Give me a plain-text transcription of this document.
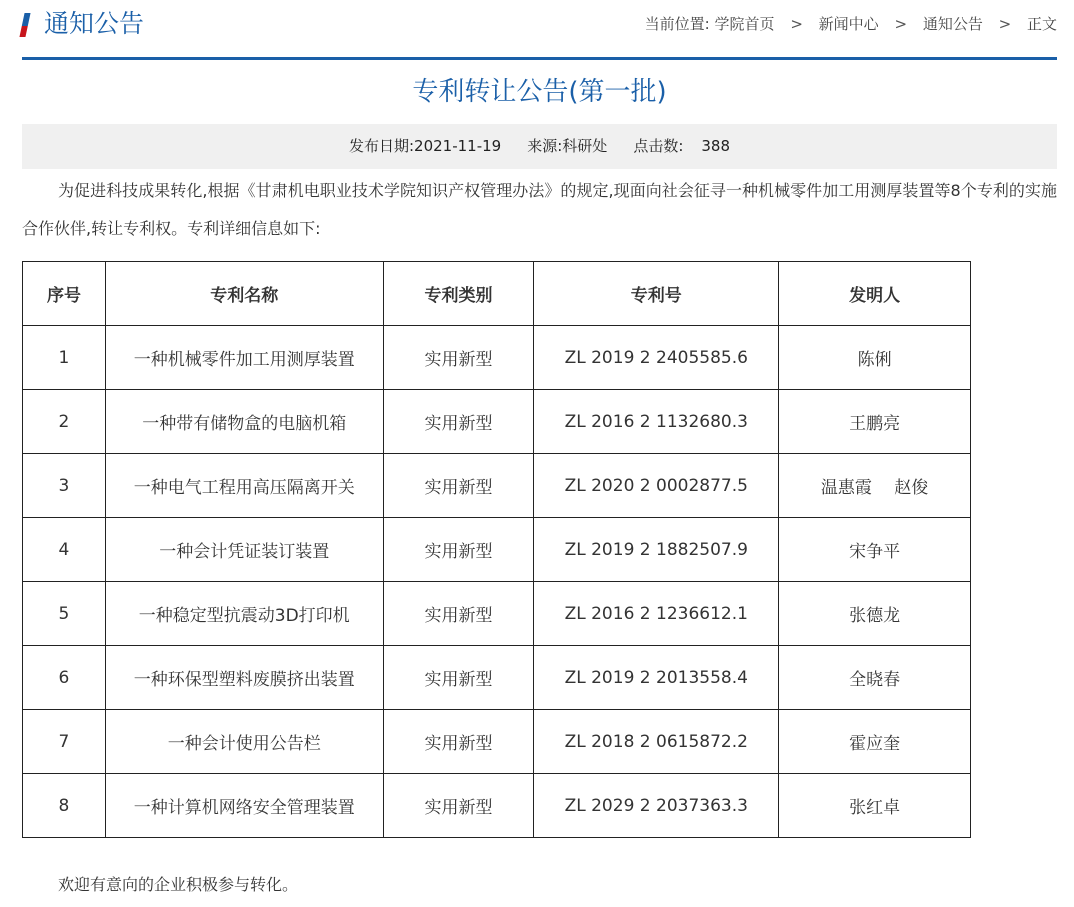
通知公告	当前位置: 学院首页 > 新闻中心 > 通知公告 > 正文
专利转让公告(第一批)
发布日期:2021-11-19 来源:科研处 点击数: 388

为促进科技成果转化,根据《甘肃机电职业技术学院知识产权管理办法》的规定,现面向社会征寻一种机械零件加工用测厚装置等8个专利的实施合作伙伴,转让专利权。专利详细信息如下:

序号	专利名称	专利类别	专利号	发明人
1	一种机械零件加工用测厚装置	实用新型	ZL 2019 2 2405585.6	陈俐
2	一种带有储物盒的电脑机箱	实用新型	ZL 2016 2 1132680.3	王鹏亮
3	一种电气工程用高压隔离开关	实用新型	ZL 2020 2 0002877.5	温惠霞　 赵俊
4	一种会计凭证装订装置	实用新型	ZL 2019 2 1882507.9	宋争平
5	一种稳定型抗震动3D打印机	实用新型	ZL 2016 2 1236612.1	张德龙
6	一种环保型塑料废膜挤出装置	实用新型	ZL 2019 2 2013558.4	全晓春
7	一种会计使用公告栏	实用新型	ZL 2018 2 0615872.2	霍应奎
8	一种计算机网络安全管理装置	实用新型	ZL 2029 2 2037363.3	张红卓

欢迎有意向的企业积极参与转化。
